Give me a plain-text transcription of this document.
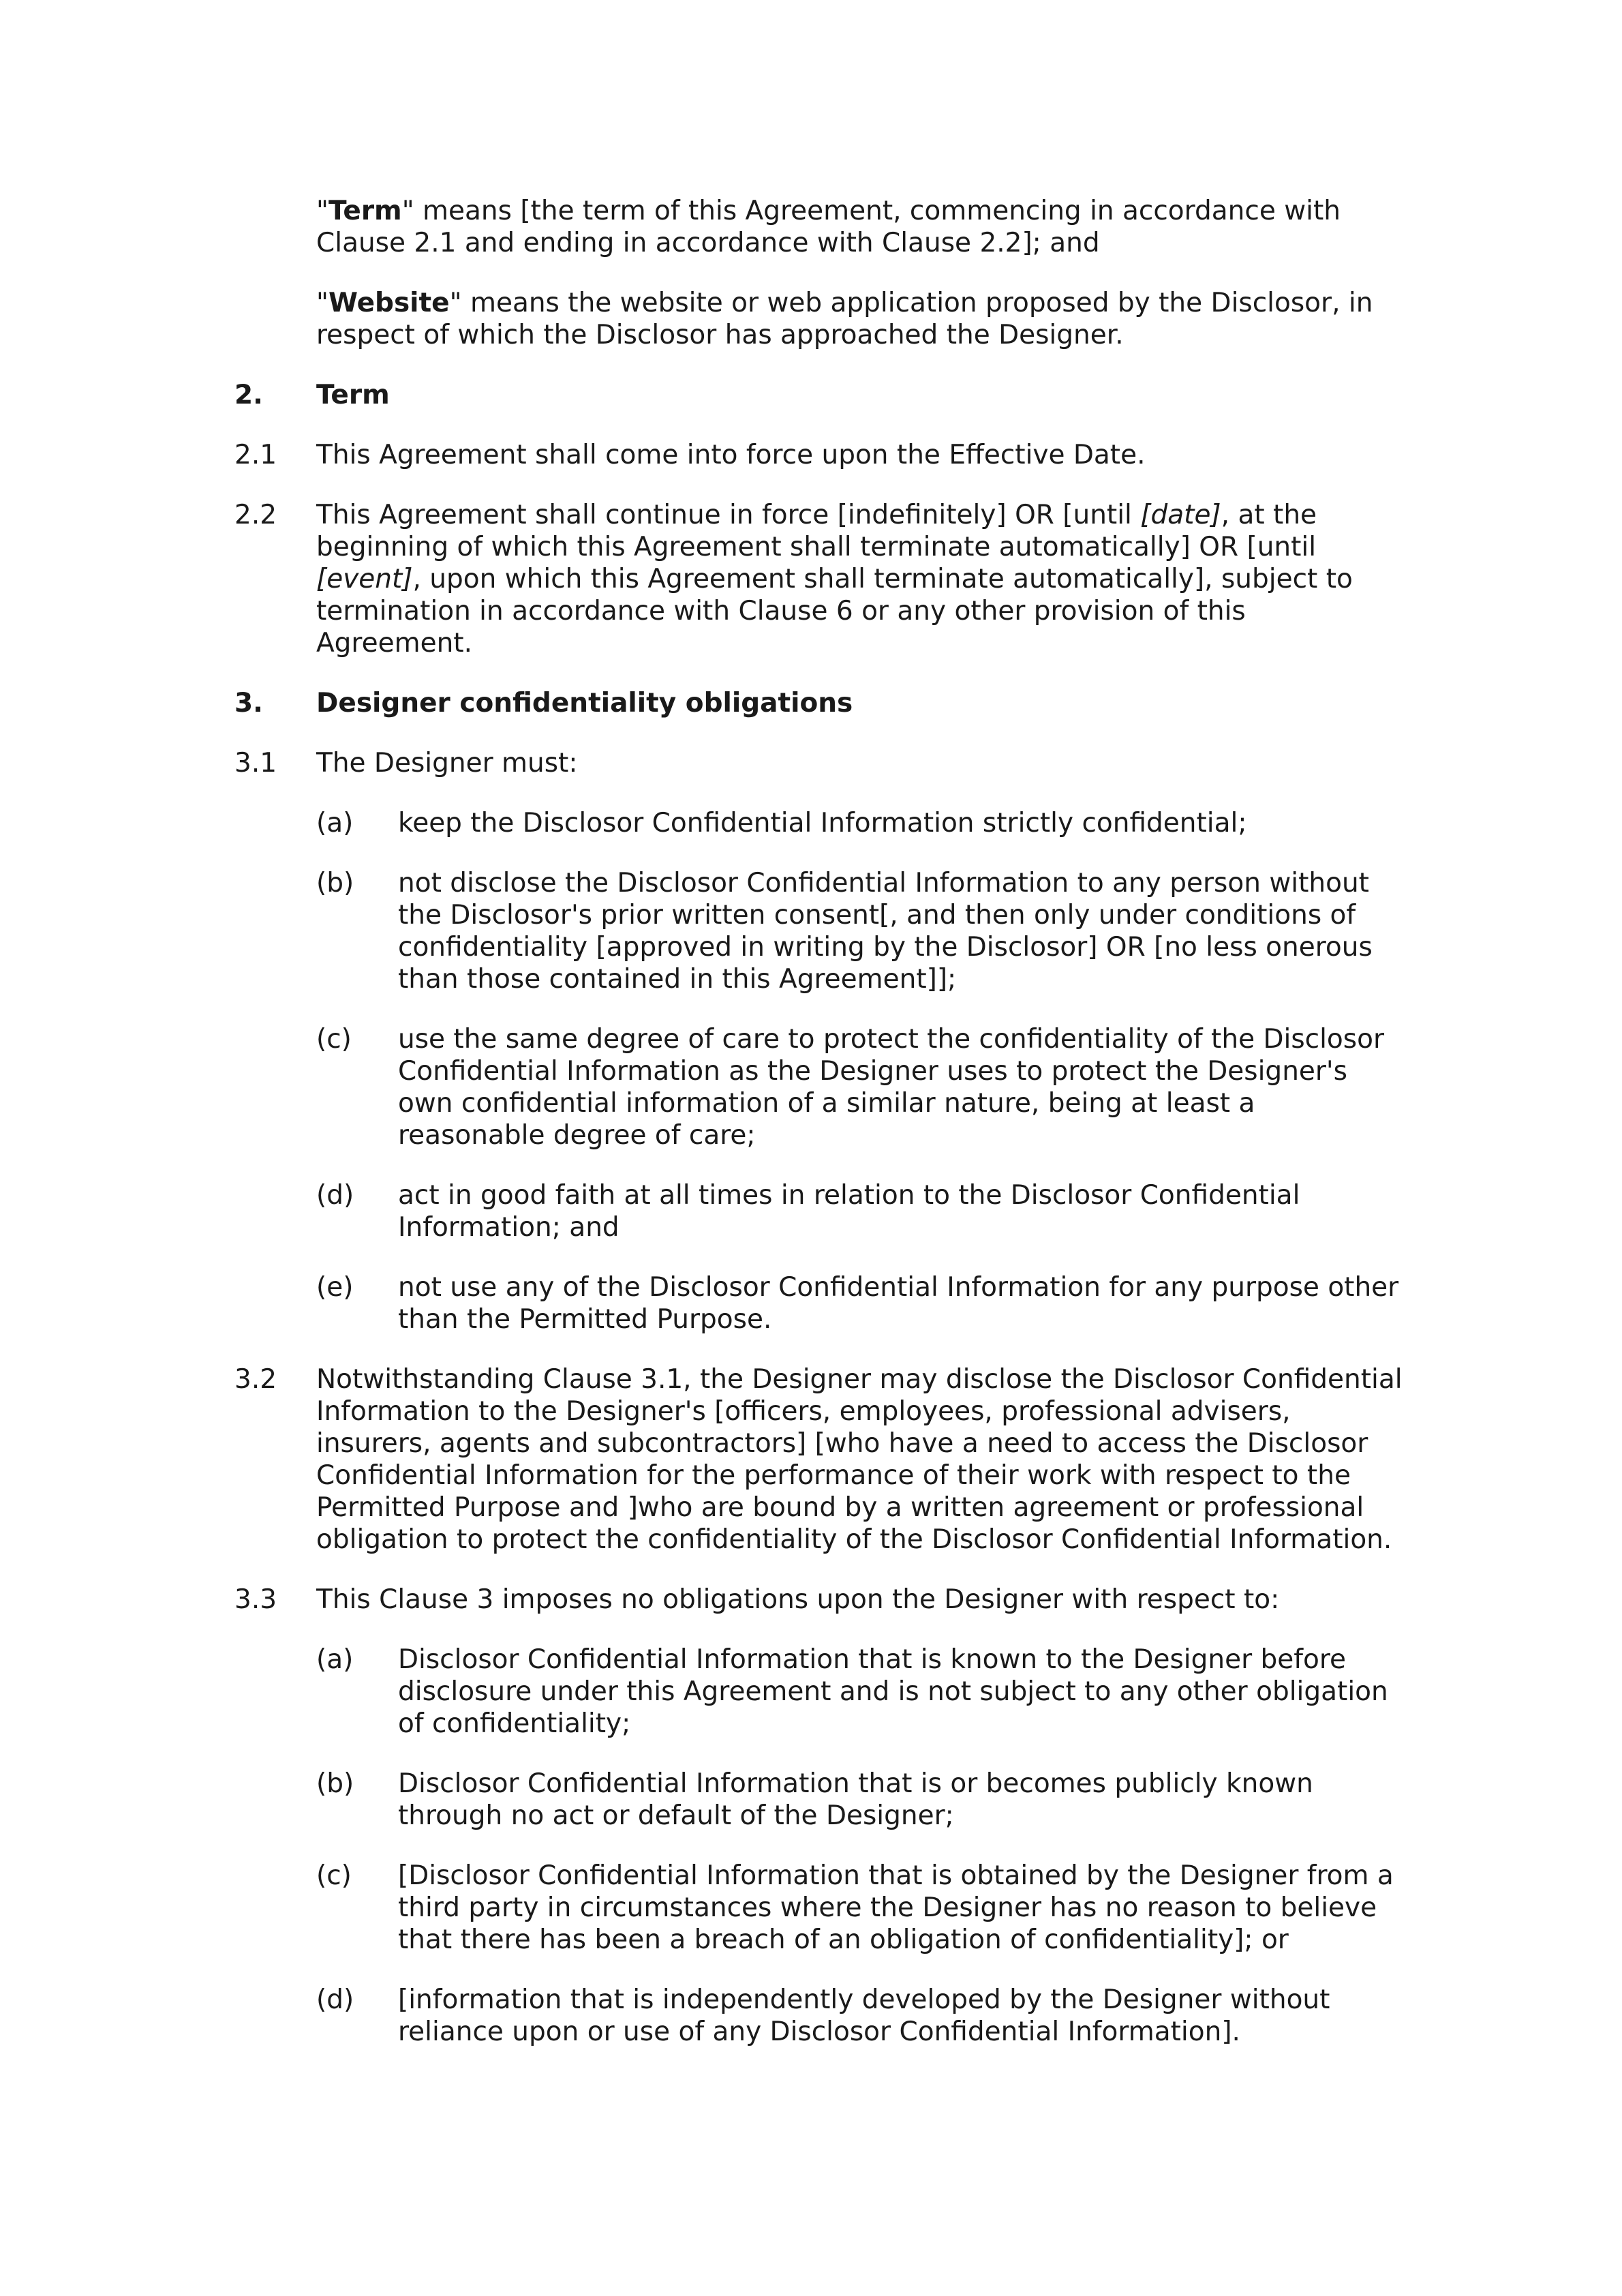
"Term" means [the term of this Agreement, commencing in accordance with Clause 2.1 and ending in accordance with Clause 2.2]; and

"Website" means the website or web application proposed by the Disclosor, in respect of which the Disclosor has approached the Designer.

2.	Term
2.1	This Agreement shall come into force upon the Effective Date.
2.2	This Agreement shall continue in force [indefinitely] OR [until [date], at the beginning of which this Agreement shall terminate automatically] OR [until [event], upon which this Agreement shall terminate automatically], subject to termination in accordance with Clause 6 or any other provision of this Agreement.
3.	Designer confidentiality obligations
3.1	The Designer must:
(a)	keep the Disclosor Confidential Information strictly confidential;
(b)	not disclose the Disclosor Confidential Information to any person without the Disclosor's prior written consent[, and then only under conditions of confidentiality [approved in writing by the Disclosor] OR [no less onerous than those contained in this Agreement]];
(c)	use the same degree of care to protect the confidentiality of the Disclosor Confidential Information as the Designer uses to protect the Designer's own confidential information of a similar nature, being at least a reasonable degree of care;
(d)	act in good faith at all times in relation to the Disclosor Confidential Information; and
(e)	not use any of the Disclosor Confidential Information for any purpose other than the Permitted Purpose.
3.2	Notwithstanding Clause 3.1, the Designer may disclose the Disclosor Confidential Information to the Designer's [officers, employees, professional advisers, insurers, agents and subcontractors] [who have a need to access the Disclosor Confidential Information for the performance of their work with respect to the Permitted Purpose and ]who are bound by a written agreement or professional obligation to protect the confidentiality of the Disclosor Confidential Information.
3.3	This Clause 3 imposes no obligations upon the Designer with respect to:
(a)	Disclosor Confidential Information that is known to the Designer before disclosure under this Agreement and is not subject to any other obligation of confidentiality;
(b)	Disclosor Confidential Information that is or becomes publicly known through no act or default of the Designer;
(c)	[Disclosor Confidential Information that is obtained by the Designer from a third party in circumstances where the Designer has no reason to believe that there has been a breach of an obligation of confidentiality]; or
(d)	[information that is independently developed by the Designer without reliance upon or use of any Disclosor Confidential Information].
